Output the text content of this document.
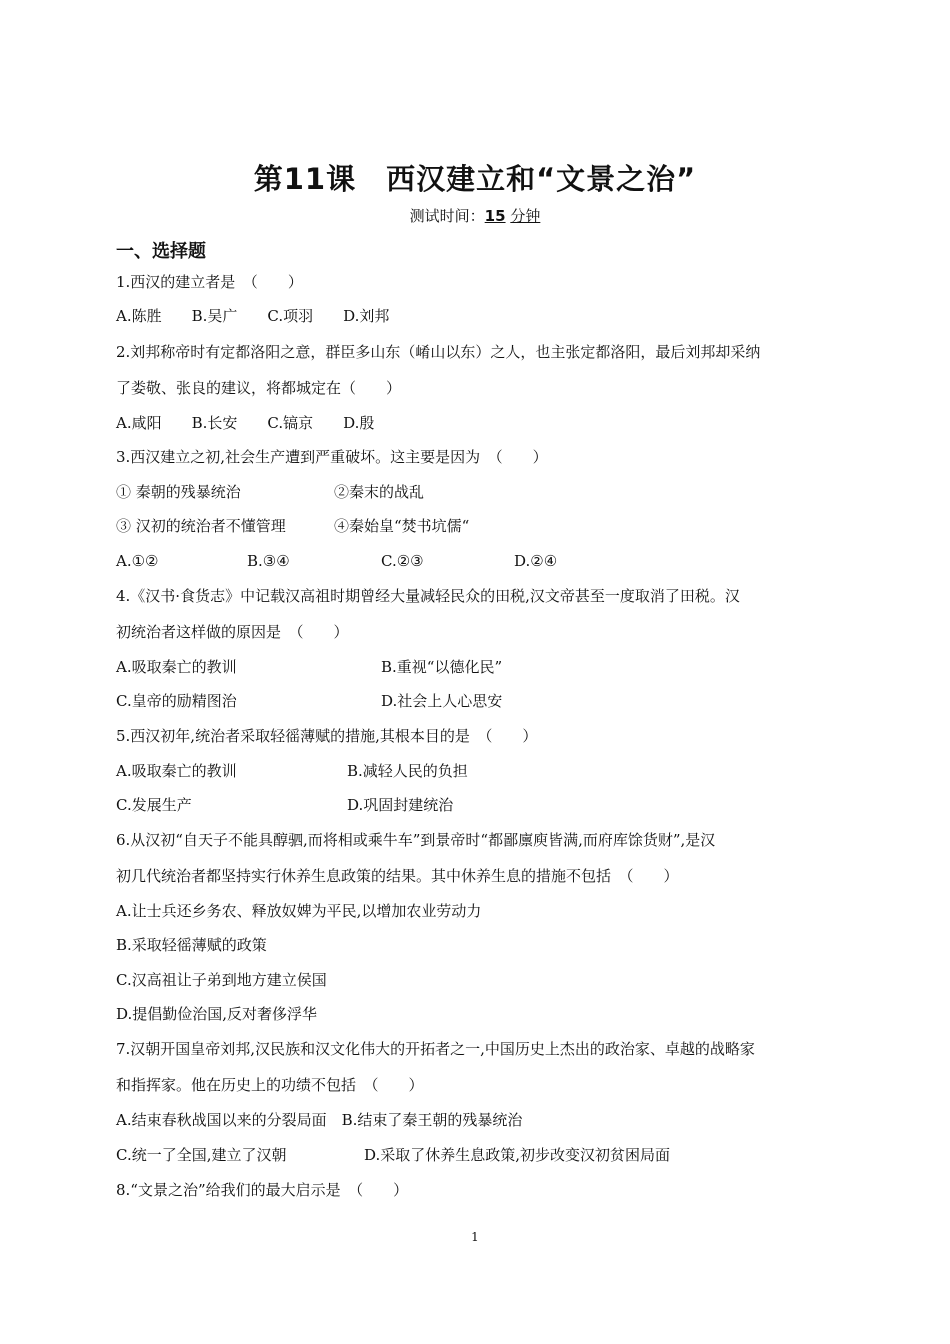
第11课　西汉建立和“文景之治”
测试时间：15 分钟
一、选择题
1.西汉的建立者是　（　　）
A.陈胜　　B.吴广　　C.项羽　　D.刘邦
2.刘邦称帝时有定都洛阳之意，群臣多山东（崤山以东）之人，也主张定都洛阳，最后刘邦却采纳
了娄敬、张良的建议，将都城定在（　　）
A.咸阳　　B.长安　　C.镐京　　D.殷
3.西汉建立之初,社会生产遭到严重破坏。这主要是因为　（　　）
① 秦朝的残暴统治	②秦末的战乱
③ 汉初的统治者不懂管理	④秦始皇“焚书坑儒“
A.①②	B.③④	C.②③	D.②④
4.《汉书·食货志》中记载汉高祖时期曾经大量减轻民众的田税,汉文帝甚至一度取消了田税。汉
初统治者这样做的原因是　（　　）
A.吸取秦亡的教训	B.重视“以德化民”
C.皇帝的励精图治	D.社会上人心思安
5.西汉初年,统治者采取轻徭薄赋的措施,其根本目的是　（　　）
A.吸取秦亡的教训	B.减轻人民的负担
C.发展生产	D.巩固封建统治
6.从汉初“自天子不能具醇驷,而将相或乘牛车”到景帝时“都鄙廪庾皆满,而府库馀货财”,是汉
初几代统治者都坚持实行休养生息政策的结果。其中休养生息的措施不包括　（　　）
A.让士兵还乡务农、释放奴婢为平民,以增加农业劳动力
B.采取轻徭薄赋的政策
C.汉高祖让子弟到地方建立侯国
D.提倡勤俭治国,反对奢侈浮华
7.汉朝开国皇帝刘邦,汉民族和汉文化伟大的开拓者之一,中国历史上杰出的政治家、卓越的战略家
和指挥家。他在历史上的功绩不包括　（　　）
A.结束春秋战国以来的分裂局面　B.结束了秦王朝的残暴统治
C.统一了全国,建立了汉朝	D.采取了休养生息政策,初步改变汉初贫困局面
8.“文景之治”给我们的最大启示是　（　　）
1
